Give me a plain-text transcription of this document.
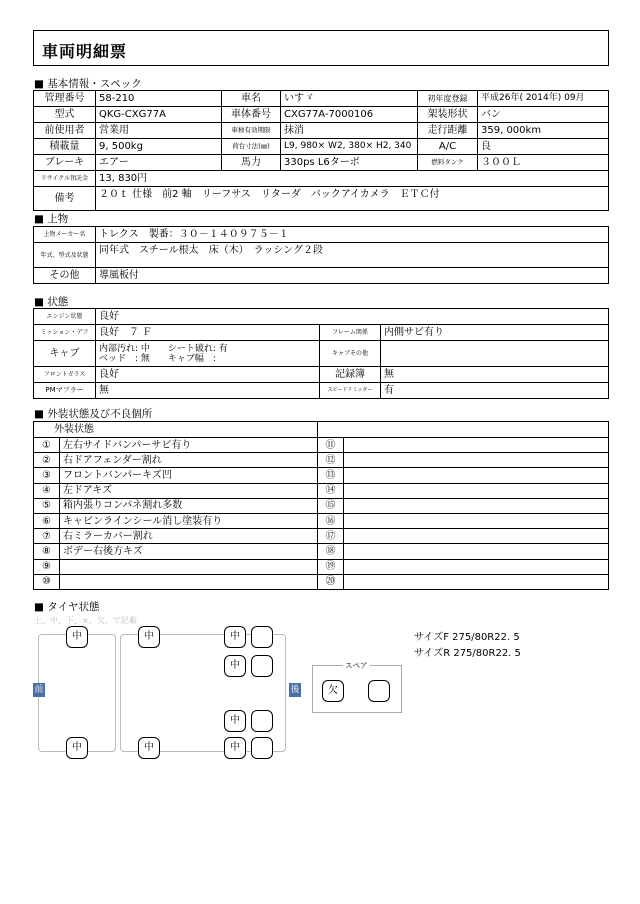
車両明細票
■ 基本情報・スペック
管理番号	58-210	車名	いすゞ	初年度登録	平成26年( 2014年) 09月
型式	QKG-CXG77A	車体番号	CXG77A-7000106	架装形状	バン
前使用者	営業用	車検有効期限	抹消	走行距離	359, 000km
積載量	9, 500kg	荷台寸法(㎜)	L9, 980× W2, 380× H2, 340	A/C	良
ブレーキ	エアー	馬力	330ps L6ターボ	燃料タンク	３００Ｌ
リサイクル預託金	13, 830円				
備考	２０ｔ 仕様　前2 軸　リーフサス　リターダ　バックアイカメラ　ＥＴＣ付				
■ 上物
上物メーカー名	トレクス　製番：３０－１４０９７５－１
年式、型式及状態	同年式　スチール根太　床（木）　ラッシング２段
その他	導風板付
■ 状態
エンジン状態	良好		
ミッション・デフ	良好　７ Ｆ	フレーム関係	内側サビ有り
キャブ	内部汚れ: 中　　シート破れ: 有
ベッド　: 無　　キャブ幅　:	キャブその他	
フロントガラス	良好	記録簿	無
PMマフラー	無	スピードリミッター	有
■ 外装状態及び不良個所
外装状態			
①	左右サイドバンパーサビ有り	⑪	
②	右ドアフェンダー割れ	⑫	
③	フロントバンパーキズ凹	⑬	
④	左ドアキズ	⑭	
⑤	箱内張りコンパネ割れ多数	⑮	
⑥	キャビンラインシール消し塗装有り	⑯	
⑦	右ミラーカバー割れ	⑰	
⑧	ボデー右後方キズ	⑱	
⑨		⑲	
⑩		⑳	
■ タイヤ状態
上、中、下、×、欠、で記載
前	後
中
中
中
中
中
中
中
中
スペア
欠
サイズF 275/80R22. 5
サイズR 275/80R22. 5
